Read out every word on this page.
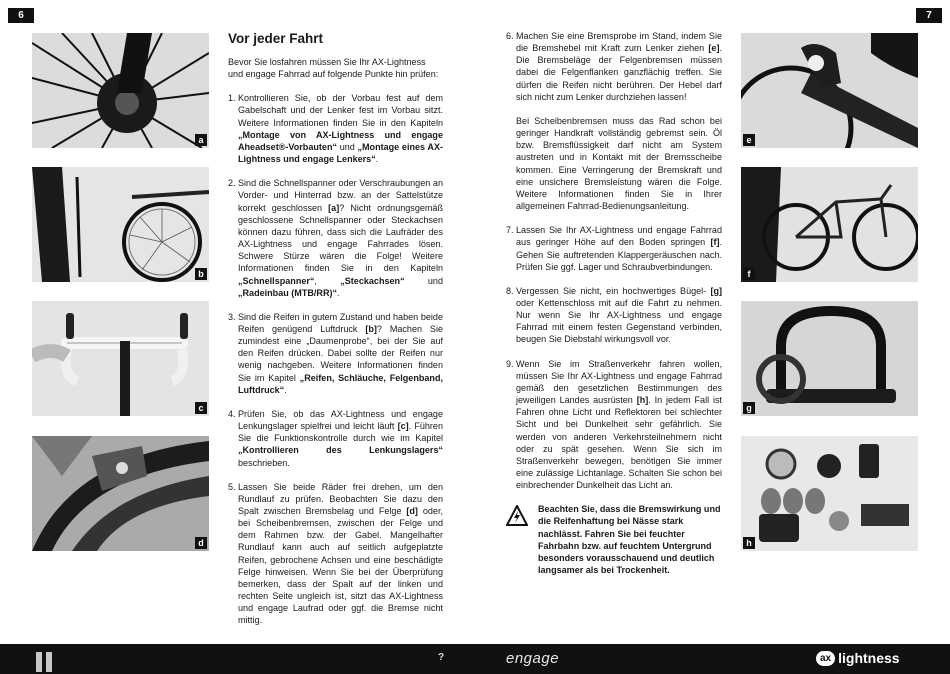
6	7
a
b
c
d
e
f
g
h

Vor jeder Fahrt

Bevor Sie losfahren müssen Sie Ihr AX-Lightness und engage Fahrrad auf folgende Punkte hin prüfen:

1. Kontrollieren Sie, ob der Vorbau fest auf dem Gabelschaft und der Lenker fest im Vorbau sitzt. Weitere Informationen finden Sie in den Kapiteln „Montage von AX-Lightness und engage Aheadset®-Vorbauten“ und „Montage eines AX-Lightness und engage Lenkers“.

2. Sind die Schnellspanner oder Verschraubungen an Vorder- und Hinterrad bzw. an der Sattelstütze korrekt geschlossen [a]? Nicht ordnungsgemäß geschlossene Schnellspanner oder Steckachsen können dazu führen, dass sich die Laufräder des AX-Lightness und engage Fahrrades lösen. Schwere Stürze wären die Folge! Weitere Informationen finden Sie in den Kapiteln „Schnellspanner“, „Steckachsen“ und „Radeinbau (MTB/RR)“.

3. Sind die Reifen in gutem Zustand und haben beide Reifen genügend Luftdruck [b]? Machen Sie zumindest eine „Daumenprobe“, bei der Sie auf den Reifen drücken. Dabei sollte der Reifen nur wenig nachgeben. Weitere Informationen finden Sie im Kapitel „Reifen, Schläuche, Felgenband, Luftdruck“.

4. Prüfen Sie, ob das AX-Lightness und engage Lenkungslager spielfrei und leicht läuft [c]. Führen Sie die Funktionskontrolle durch wie im Kapitel „Kontrollieren des Lenkungslagers“ beschrieben.

5. Lassen Sie beide Räder frei drehen, um den Rundlauf zu prüfen. Beobachten Sie dazu den Spalt zwischen Bremsbelag und Felge [d] oder, bei Scheibenbremsen, zwischen der Felge und dem Rahmen bzw. der Gabel. Mangelhafter Rundlauf kann auch auf seitlich aufgeplatzte Reifen, gebrochene Achsen und eine beschädigte Felge hinweisen. Wenn Sie bei der Überprüfung bemerken, dass der Spalt auf der linken und rechten Seite ungleich ist, sitzt das AX-Lightness und engage Laufrad oder ggf. die Bremse nicht mittig.

6. Machen Sie eine Bremsprobe im Stand, indem Sie die Bremshebel mit Kraft zum Lenker ziehen [e]. Die Bremsbeläge der Felgenbremsen müssen dabei die Felgenflanken ganzflächig treffen. Sie dürfen die Reifen nicht berühren. Der Hebel darf sich nicht zum Lenker durchziehen lassen!

Bei Scheibenbremsen muss das Rad schon bei geringer Handkraft vollständig gebremst sein. Öl bzw. Bremsflüssigkeit darf nicht am System austreten und in Kontakt mit der Bremsscheibe kommen. Eine Verringerung der Bremskraft und eine unsichere Bremsleistung wären die Folge. Weitere Informationen finden Sie in Ihrer allgemeinen Fahrrad-Bedienungsanleitung.

7. Lassen Sie Ihr AX-Lightness und engage Fahrrad aus geringer Höhe auf den Boden springen [f]. Gehen Sie auftretenden Klappergeräuschen nach. Prüfen Sie ggf. Lager und Schraubverbindungen.

8. Vergessen Sie nicht, ein hochwertiges Bügel- [g] oder Kettenschloss mit auf die Fahrt zu nehmen. Nur wenn Sie Ihr AX-Lightness und engage Fahrrad mit einem festen Gegenstand verbinden, beugen Sie Diebstahl wirkungsvoll vor.

9. Wenn Sie im Straßenverkehr fahren wollen, müssen Sie Ihr AX-Lightness und engage Fahrrad gemäß den gesetzlichen Bestimmungen des jeweiligen Landes ausrüsten [h]. In jedem Fall ist Fahren ohne Licht und Reflektoren bei schlechter Sicht und bei Dunkelheit sehr gefährlich. Sie werden von anderen Verkehrsteilnehmern nicht oder zu spät gesehen. Wenn Sie sich im Straßenverkehr bewegen, benötigen Sie immer eine zulässige Lichtanlage. Schalten Sie schon bei einbrechender Dunkelheit das Licht an.

Beachten Sie, dass die Bremswirkung und die Reifenhaftung bei Nässe stark nachlässt. Fahren Sie bei feuchter Fahrbahn bzw. auf feuchtem Untergrund besonders vorausschauend und deutlich langsamer als bei Trockenheit.

?	engage	ax lightness
